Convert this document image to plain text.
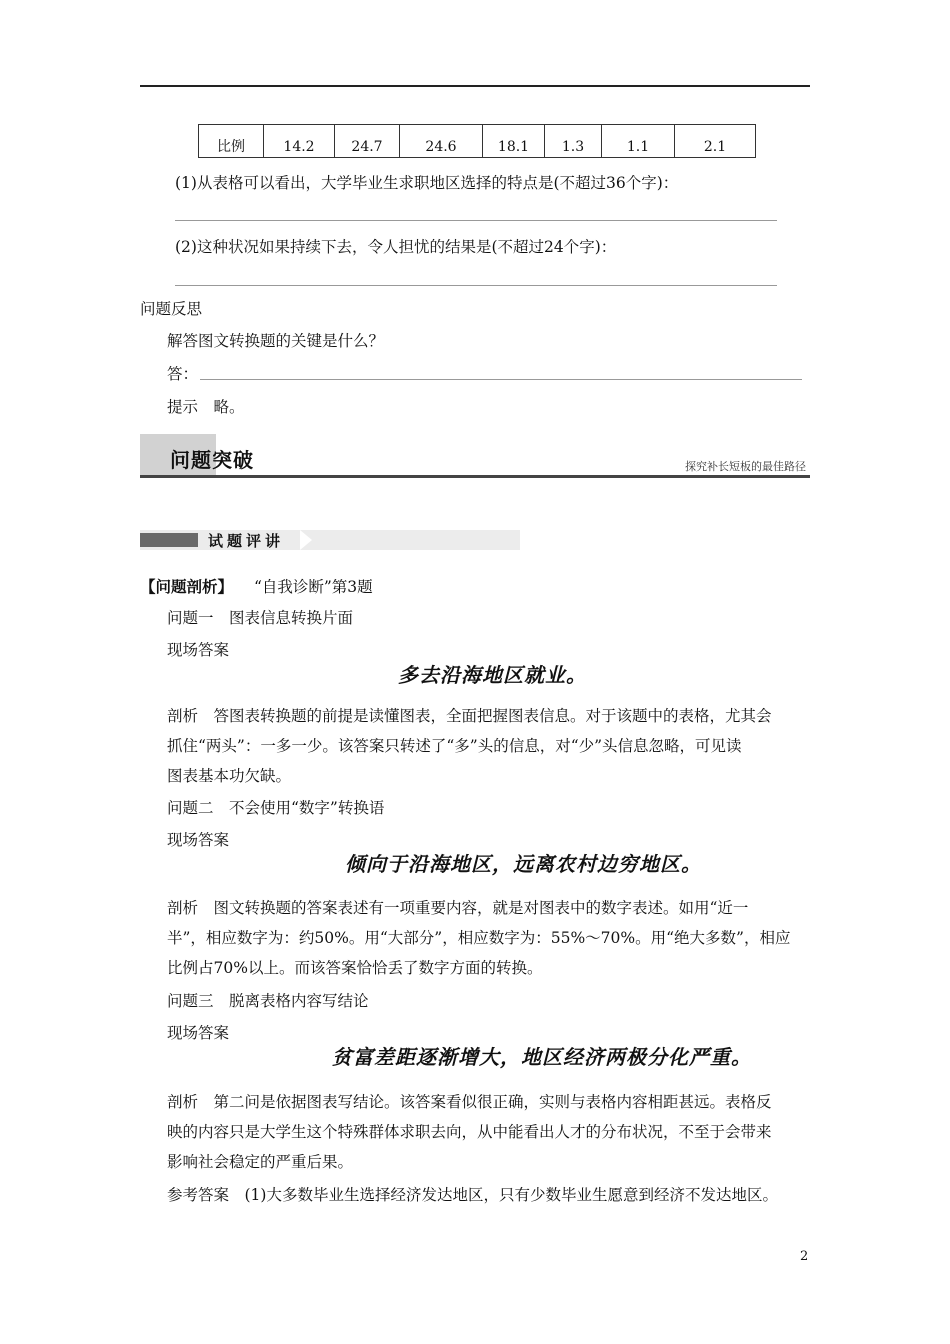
比例	14.2	24.7	24.6	18.1	1.3	1.1	2.1
(1)从表格可以看出，大学毕业生求职地区选择的特点是(不超过36个字)：
(2)这种状况如果持续下去，令人担忧的结果是(不超过24个字)：
问题反思
解答图文转换题的关键是什么？
答：
提示　略。
问题突破	探究补长短板的最佳路径
试题评讲
【问题剖析】 “自我诊断”第3题
问题一　图表信息转换片面
现场答案
多去沿海地区就业。
剖析　答图表转换题的前提是读懂图表，全面把握图表信息。对于该题中的表格，尤其会
抓住“两头”：一多一少。该答案只转述了“多”头的信息，对“少”头信息忽略，可见读
图表基本功欠缺。
问题二　不会使用“数字”转换语
现场答案
倾向于沿海地区，远离农村边穷地区。
剖析　图文转换题的答案表述有一项重要内容，就是对图表中的数字表述。如用“近一
半”，相应数字为：约50%。用“大部分”，相应数字为：55%～70%。用“绝大多数”，相应
比例占70%以上。而该答案恰恰丢了数字方面的转换。
问题三　脱离表格内容写结论
现场答案
贫富差距逐渐增大，地区经济两极分化严重。
剖析　第二问是依据图表写结论。该答案看似很正确，实则与表格内容相距甚远。表格反
映的内容只是大学生这个特殊群体求职去向，从中能看出人才的分布状况，不至于会带来
影响社会稳定的严重后果。
参考答案　(1)大多数毕业生选择经济发达地区，只有少数毕业生愿意到经济不发达地区。
2
